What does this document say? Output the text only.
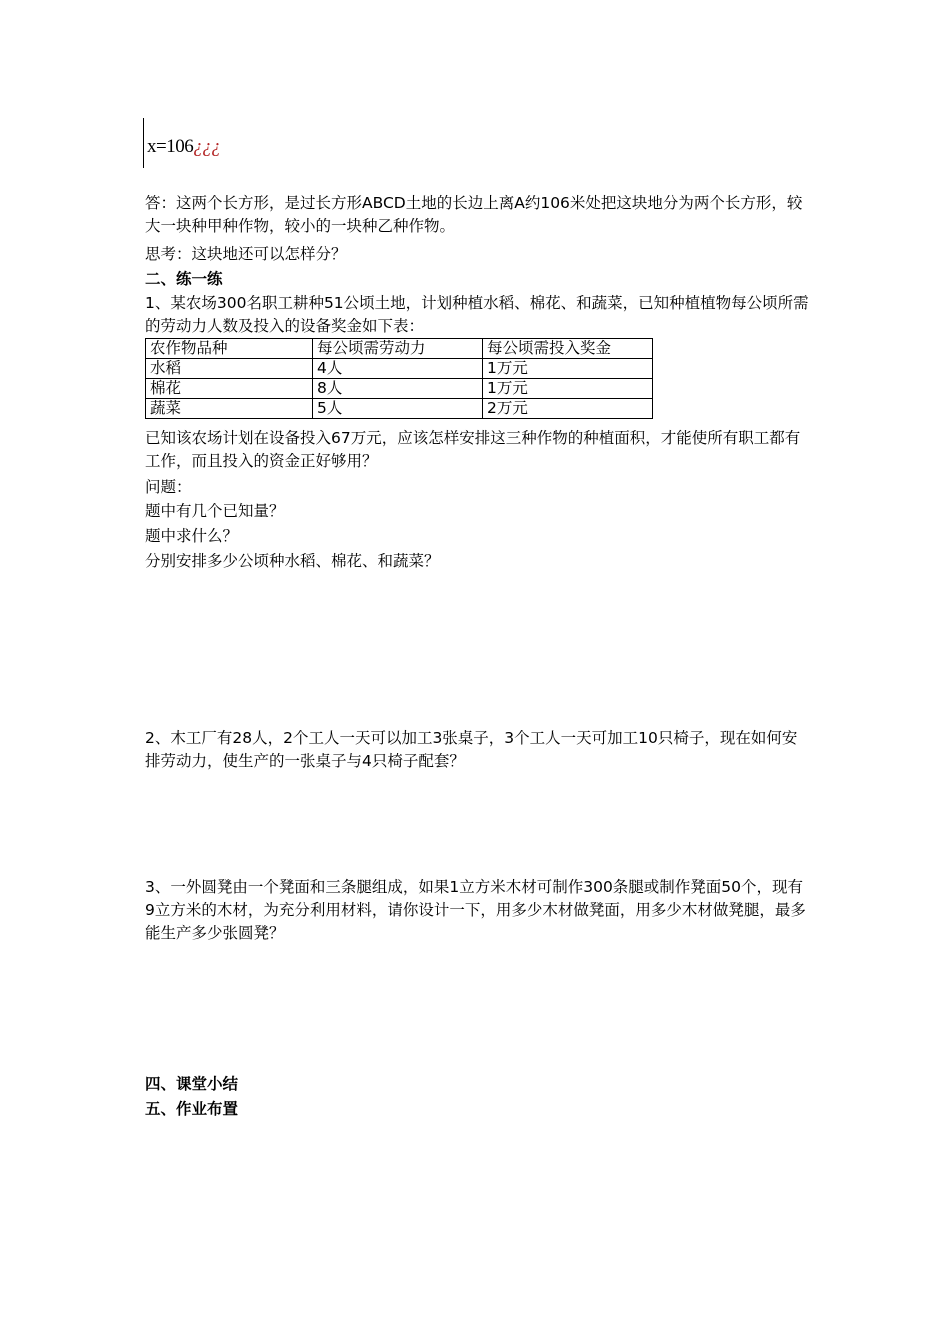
x=106¿¿¿

答：这两个长方形，是过长方形ABCD土地的长边上离A约106米处把这块地分为两个长方形，较大一块种甲种作物，较小的一块种乙种作物。

思考：这块地还可以怎样分？

二、练一练

1、某农场300名职工耕种51公顷土地，计划种植水稻、棉花、和蔬菜，已知种植植物每公顷所需的劳动力人数及投入的设备奖金如下表：

农作物品种	每公顷需劳动力	每公顷需投入奖金
水稻	4人	1万元
棉花	8人	1万元
蔬菜	5人	2万元

已知该农场计划在设备投入67万元，应该怎样安排这三种作物的种植面积，才能使所有职工都有工作，而且投入的资金正好够用？

问题：

题中有几个已知量？

题中求什么？

分别安排多少公顷种水稻、棉花、和蔬菜？

2、木工厂有28人，2个工人一天可以加工3张桌子，3个工人一天可加工10只椅子，现在如何安排劳动力，使生产的一张桌子与4只椅子配套？

3、一外圆凳由一个凳面和三条腿组成，如果1立方米木材可制作300条腿或制作凳面50个，现有9立方米的木材，为充分利用材料，请你设计一下，用多少木材做凳面，用多少木材做凳腿，最多能生产多少张圆凳？

四、课堂小结

五、作业布置
